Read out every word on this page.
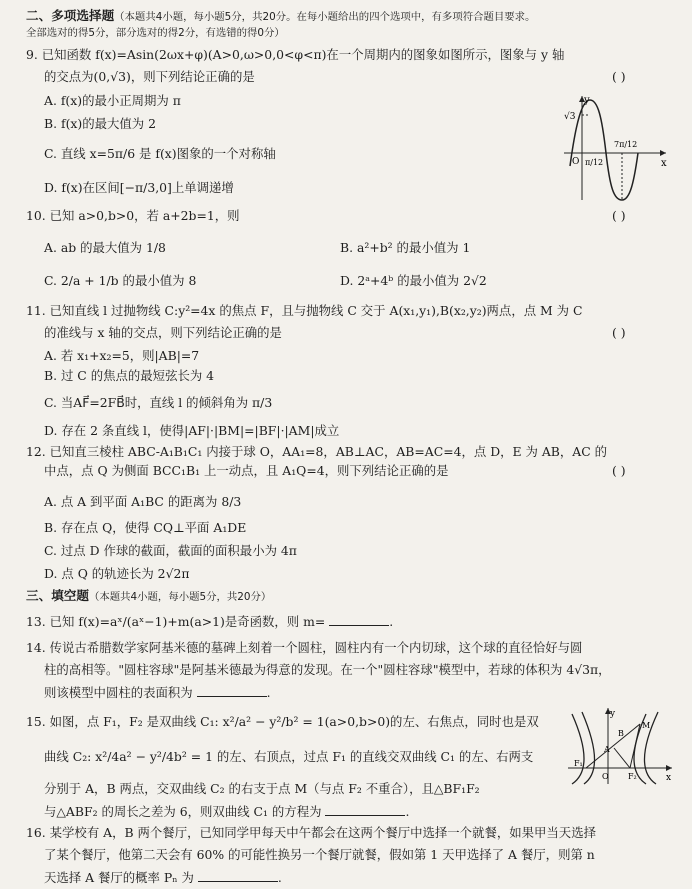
二、多项选择题（本题共4小题，每小题5分，共20分。在每小题给出的四个选项中，有多项符合题目要求。
全部选对的得5分，部分选对的得2分，有选错的得0分）
9. 已知函数 f(x)=Asin(2ωx+φ)(A>0,ω>0,0<φ<π)在一个周期内的图象如图所示，图象与 y 轴
的交点为(0,√3)，则下列结论正确的是	( )
A. f(x)的最小正周期为 π
B. f(x)的最大值为 2
C. 直线 x=5π/6 是 f(x)图象的一个对称轴
D. f(x)在区间[−π/3,0]上单调递增
y
x
O
√3
π/12
7π/12
10. 已知 a>0,b>0，若 a+2b=1，则	( )
A. ab 的最大值为 1/8	B. a²+b² 的最小值为 1
C. 2/a + 1/b 的最小值为 8	D. 2ᵃ+4ᵇ 的最小值为 2√2
11. 已知直线 l 过抛物线 C:y²=4x 的焦点 F，且与抛物线 C 交于 A(x₁,y₁),B(x₂,y₂)两点，点 M 为 C
的准线与 x 轴的交点，则下列结论正确的是	( )
A. 若 x₁+x₂=5，则|AB|=7
B. 过 C 的焦点的最短弦长为 4
C. 当AF⃗=2FB⃗时，直线 l 的倾斜角为 π/3
D. 存在 2 条直线 l，使得|AF|·|BM|=|BF|·|AM|成立
12. 已知直三棱柱 ABC-A₁B₁C₁ 内接于球 O，AA₁=8，AB⊥AC，AB=AC=4，点 D，E 为 AB，AC 的
中点，点 Q 为侧面 BCC₁B₁ 上一动点，且 A₁Q=4，则下列结论正确的是	( )
A. 点 A 到平面 A₁BC 的距离为 8/3
B. 存在点 Q，使得 CQ⊥平面 A₁DE
C. 过点 D 作球的截面，截面的面积最小为 4π
D. 点 Q 的轨迹长为 2√2π
三、填空题（本题共4小题，每小题5分，共20分）
13. 已知 f(x)=aˣ/(aˣ−1)+m(a>1)是奇函数，则 m=	.
14. 传说古希腊数学家阿基米德的墓碑上刻着一个圆柱，圆柱内有一个内切球，这个球的直径恰好与圆
柱的高相等。"圆柱容球"是阿基米德最为得意的发现。在一个"圆柱容球"模型中，若球的体积为 4√3π，
则该模型中圆柱的表面积为	.
15. 如图，点 F₁，F₂ 是双曲线 C₁: x²/a² − y²/b² = 1(a>0,b>0)的左、右焦点，同时也是双
曲线 C₂: x²/4a² − y²/4b² = 1 的左、右顶点，过点 F₁ 的直线交双曲线 C₁ 的左、右两支
分别于 A，B 两点，交双曲线 C₂ 的右支于点 M（与点 F₂ 不重合），且△BF₁F₂
与△ABF₂ 的周长之差为 6，则双曲线 C₁ 的方程为	.
y
x
O
F₁
F₂
A
B
M
16. 某学校有 A，B 两个餐厅，已知同学甲每天中午都会在这两个餐厅中选择一个就餐，如果甲当天选择
了某个餐厅，他第二天会有 60% 的可能性换另一个餐厅就餐，假如第 1 天甲选择了 A 餐厅，则第 n
天选择 A 餐厅的概率 Pₙ 为	.
